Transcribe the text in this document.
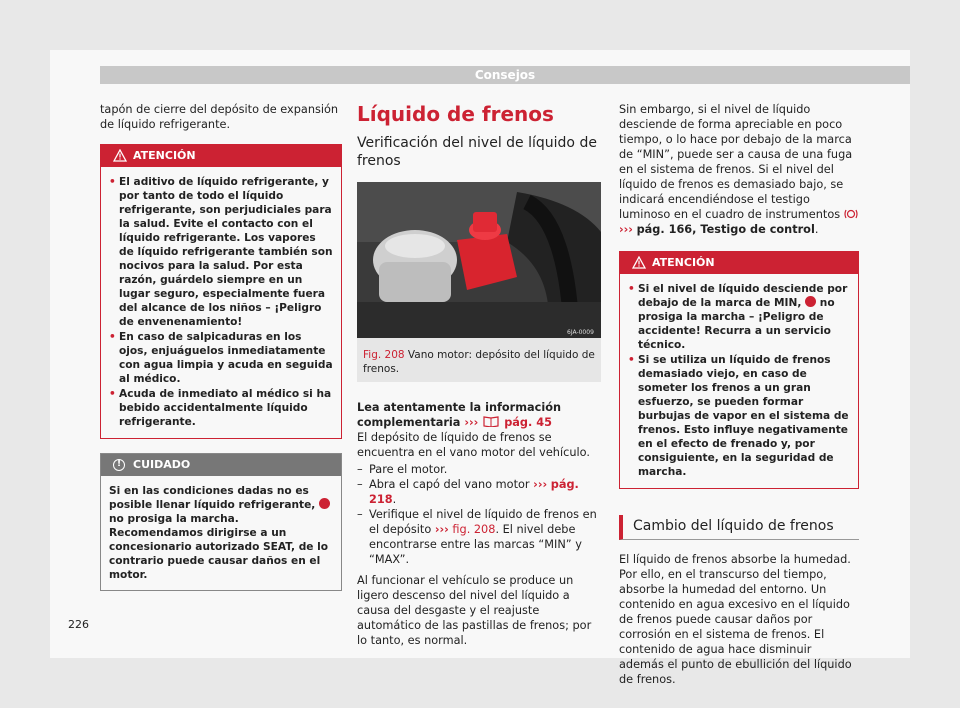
Consejos

tapón de cierre del depósito de expansión de líquido refrigerante.

ATENCIÓN

• El aditivo de líquido refrigerante, y por tanto de todo el líquido refrigerante, son perjudiciales para la salud. Evite el contacto con el líquido refrigerante. Los vapores de líquido refrigerante también son nocivos para la salud. Por esta razón, guárdelo siempre en un lugar seguro, especialmente fuera del alcance de los niños – ¡Peligro de envenenamiento!

• En caso de salpicaduras en los ojos, enjuáguelos inmediatamente con agua limpia y acuda en seguida al médico.

• Acuda de inmediato al médico si ha bebido accidentalmente líquido refrigerante.

!	CUIDADO
Si en las condiciones dadas no es posible llenar líquido refrigerante,  no prosiga la marcha. Recomendamos dirigirse a un concesionario autorizado SEAT, de lo contrario puede causar daños en el motor.
Líquido de frenos
Verificación del nivel de líquido de frenos
6JA-0009
Fig. 208 Vano motor: depósito del líquido de frenos.

Lea atentamente la información complementaria ››› pág. 45

El depósito de líquido de frenos se encuentra en el vano motor del vehículo.

– Pare el motor.

– Abra el capó del vano motor ››› pág. 218.

– Verifique el nivel de líquido de frenos en el depósito ››› fig. 208. El nivel debe encontrarse entre las marcas “MIN” y “MAX”.

Al funcionar el vehículo se produce un ligero descenso del nivel del líquido a causa del desgaste y el reajuste automático de las pastillas de frenos; por lo tanto, es normal.

Sin embargo, si el nivel de líquido desciende de forma apreciable en poco tiempo, o lo hace por debajo de la marca de “MIN”, puede ser a causa de una fuga en el sistema de frenos. Si el nivel del líquido de frenos es demasiado bajo, se indicará encendiéndose el testigo luminoso en el cuadro de instrumentos  ››› pág. 166, Testigo de control.

ATENCIÓN

• Si el nivel de líquido desciende por debajo de la marca de MIN, no prosiga la marcha – ¡Peligro de accidente! Recurra a un servicio técnico.

• Si se utiliza un líquido de frenos demasiado viejo, en caso de someter los frenos a un gran esfuerzo, se pueden formar burbujas de vapor en el sistema de frenos. Esto influye negativamente en el efecto de frenado y, por consiguiente, en la seguridad de marcha.

Cambio del líquido de frenos

El líquido de frenos absorbe la humedad. Por ello, en el transcurso del tiempo, absorbe la humedad del entorno. Un contenido en agua excesivo en el líquido de frenos puede causar daños por corrosión en el sistema de frenos. El contenido de agua hace disminuir además el punto de ebullición del líquido de frenos.

226
